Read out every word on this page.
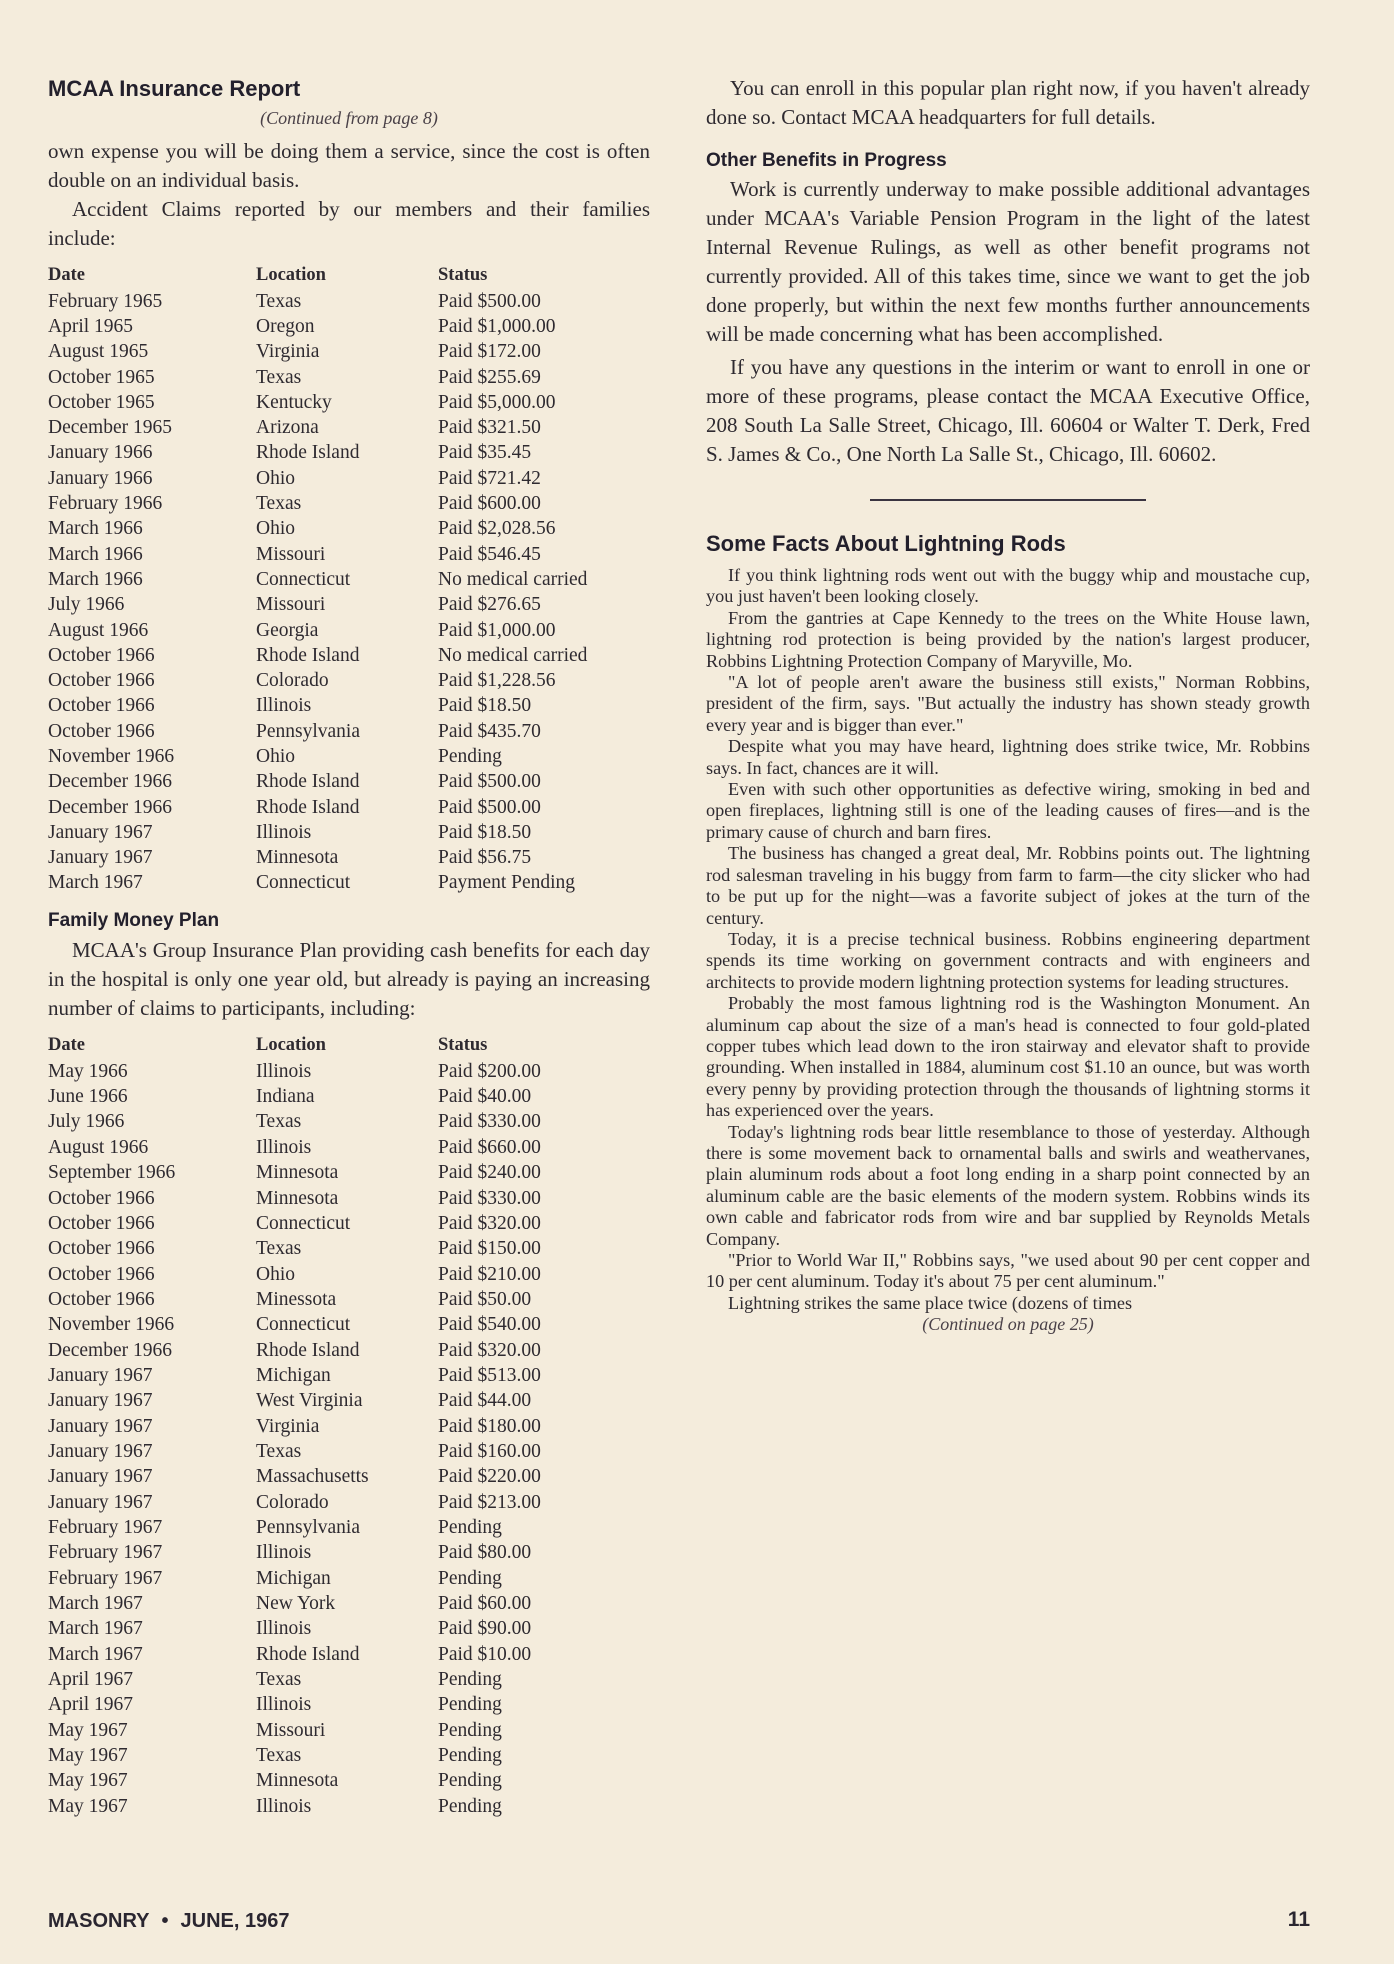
MCAA Insurance Report
(Continued from page 8)

own expense you will be doing them a service, since the cost is often double on an individual basis.

Accident Claims reported by our members and their families include:

Date	Location	Status
February 1965	Texas	Paid $500.00
April 1965	Oregon	Paid $1,000.00
August 1965	Virginia	Paid $172.00
October 1965	Texas	Paid $255.69
October 1965	Kentucky	Paid $5,000.00
December 1965	Arizona	Paid $321.50
January 1966	Rhode Island	Paid $35.45
January 1966	Ohio	Paid $721.42
February 1966	Texas	Paid $600.00
March 1966	Ohio	Paid $2,028.56
March 1966	Missouri	Paid $546.45
March 1966	Connecticut	No medical carried
July 1966	Missouri	Paid $276.65
August 1966	Georgia	Paid $1,000.00
October 1966	Rhode Island	No medical carried
October 1966	Colorado	Paid $1,228.56
October 1966	Illinois	Paid $18.50
October 1966	Pennsylvania	Paid $435.70
November 1966	Ohio	Pending
December 1966	Rhode Island	Paid $500.00
December 1966	Rhode Island	Paid $500.00
January 1967	Illinois	Paid $18.50
January 1967	Minnesota	Paid $56.75
March 1967	Connecticut	Payment Pending
Family Money Plan

MCAA's Group Insurance Plan providing cash benefits for each day in the hospital is only one year old, but already is paying an increasing number of claims to participants, including:

Date	Location	Status
May 1966	Illinois	Paid $200.00
June 1966	Indiana	Paid $40.00
July 1966	Texas	Paid $330.00
August 1966	Illinois	Paid $660.00
September 1966	Minnesota	Paid $240.00
October 1966	Minnesota	Paid $330.00
October 1966	Connecticut	Paid $320.00
October 1966	Texas	Paid $150.00
October 1966	Ohio	Paid $210.00
October 1966	Minessota	Paid $50.00
November 1966	Connecticut	Paid $540.00
December 1966	Rhode Island	Paid $320.00
January 1967	Michigan	Paid $513.00
January 1967	West Virginia	Paid $44.00
January 1967	Virginia	Paid $180.00
January 1967	Texas	Paid $160.00
January 1967	Massachusetts	Paid $220.00
January 1967	Colorado	Paid $213.00
February 1967	Pennsylvania	Pending
February 1967	Illinois	Paid $80.00
February 1967	Michigan	Pending
March 1967	New York	Paid $60.00
March 1967	Illinois	Paid $90.00
March 1967	Rhode Island	Paid $10.00
April 1967	Texas	Pending
April 1967	Illinois	Pending
May 1967	Missouri	Pending
May 1967	Texas	Pending
May 1967	Minnesota	Pending
May 1967	Illinois	Pending

You can enroll in this popular plan right now, if you haven't already done so. Contact MCAA headquarters for full details.

Other Benefits in Progress

Work is currently underway to make possible additional advantages under MCAA's Variable Pension Program in the light of the latest Internal Revenue Rulings, as well as other benefit programs not currently provided. All of this takes time, since we want to get the job done properly, but within the next few months further announcements will be made concerning what has been accomplished.

If you have any questions in the interim or want to enroll in one or more of these programs, please contact the MCAA Executive Office, 208 South La Salle Street, Chicago, Ill. 60604 or Walter T. Derk, Fred S. James & Co., One North La Salle St., Chicago, Ill. 60602.

Some Facts About Lightning Rods

If you think lightning rods went out with the buggy whip and moustache cup, you just haven't been looking closely.

From the gantries at Cape Kennedy to the trees on the White House lawn, lightning rod protection is being provided by the nation's largest producer, Robbins Lightning Protection Company of Maryville, Mo.

"A lot of people aren't aware the business still exists," Norman Robbins, president of the firm, says. "But actually the industry has shown steady growth every year and is bigger than ever."

Despite what you may have heard, lightning does strike twice, Mr. Robbins says. In fact, chances are it will.

Even with such other opportunities as defective wiring, smoking in bed and open fireplaces, lightning still is one of the leading causes of fires—and is the primary cause of church and barn fires.

The business has changed a great deal, Mr. Robbins points out. The lightning rod salesman traveling in his buggy from farm to farm—the city slicker who had to be put up for the night—was a favorite subject of jokes at the turn of the century.

Today, it is a precise technical business. Robbins engineering department spends its time working on government contracts and with engineers and architects to provide modern lightning protection systems for leading structures.

Probably the most famous lightning rod is the Washington Monument. An aluminum cap about the size of a man's head is connected to four gold-plated copper tubes which lead down to the iron stairway and elevator shaft to provide grounding. When installed in 1884, aluminum cost $1.10 an ounce, but was worth every penny by providing protection through the thousands of lightning storms it has experienced over the years.

Today's lightning rods bear little resemblance to those of yesterday. Although there is some movement back to ornamental balls and swirls and weathervanes, plain aluminum rods about a foot long ending in a sharp point connected by an aluminum cable are the basic elements of the modern system. Robbins winds its own cable and fabricator rods from wire and bar supplied by Reynolds Metals Company.

"Prior to World War II," Robbins says, "we used about 90 per cent copper and 10 per cent aluminum. Today it's about 75 per cent aluminum."

Lightning strikes the same place twice (dozens of times

(Continued on page 25)
MASONRY • JUNE, 1967	11
